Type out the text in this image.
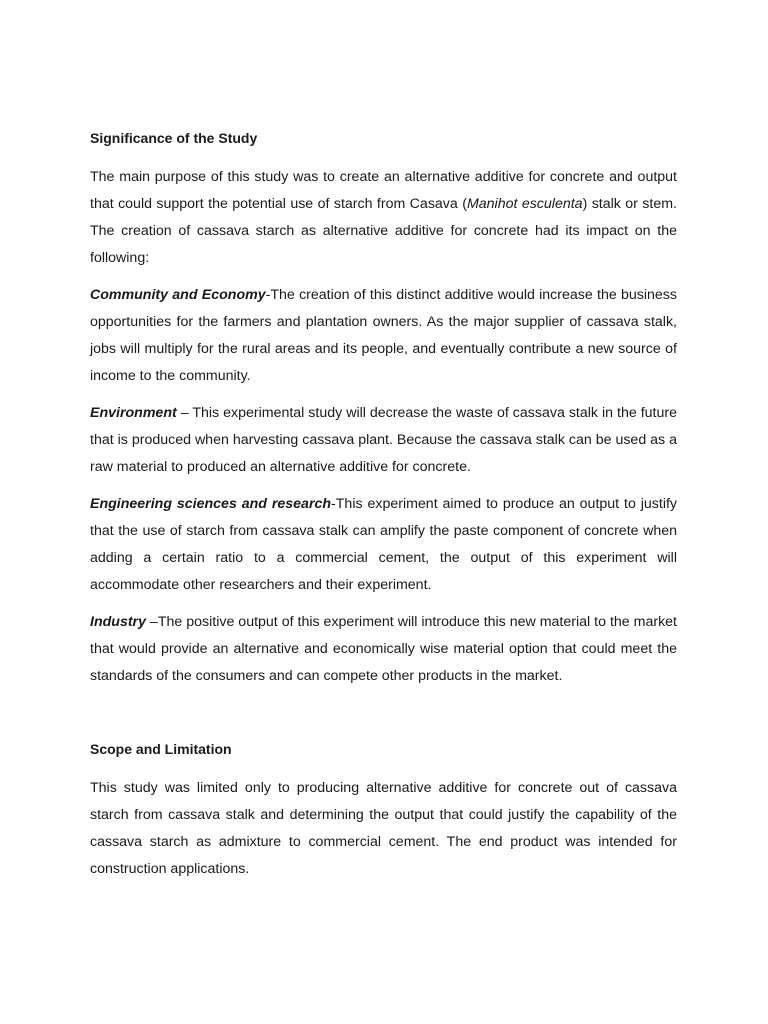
Significance of the Study

The main purpose of this study was to create an alternative additive for concrete and output that could support the potential use of starch from Casava (Manihot esculenta) stalk or stem. The creation of cassava starch as alternative additive for concrete had its impact on the following:

Community and Economy-The creation of this distinct additive would increase the business opportunities for the farmers and plantation owners. As the major supplier of cassava stalk, jobs will multiply for the rural areas and its people, and eventually contribute a new source of income to the community.

Environment – This experimental study will decrease the waste of cassava stalk in the future that is produced when harvesting cassava plant. Because the cassava stalk can be used as a raw material to produced an alternative additive for concrete.

Engineering sciences and research-This experiment aimed to produce an output to justify that the use of starch from cassava stalk can amplify the paste component of concrete when adding a certain ratio to a commercial cement, the output of this experiment will accommodate other researchers and their experiment.

Industry –The positive output of this experiment will introduce this new material to the market that would provide an alternative and economically wise material option that could meet the standards of the consumers and can compete other products in the market.

Scope and Limitation

This study was limited only to producing alternative additive for concrete out of cassava starch from cassava stalk and determining the output that could justify the capability of the cassava starch as admixture to commercial cement. The end product was intended for construction applications.
